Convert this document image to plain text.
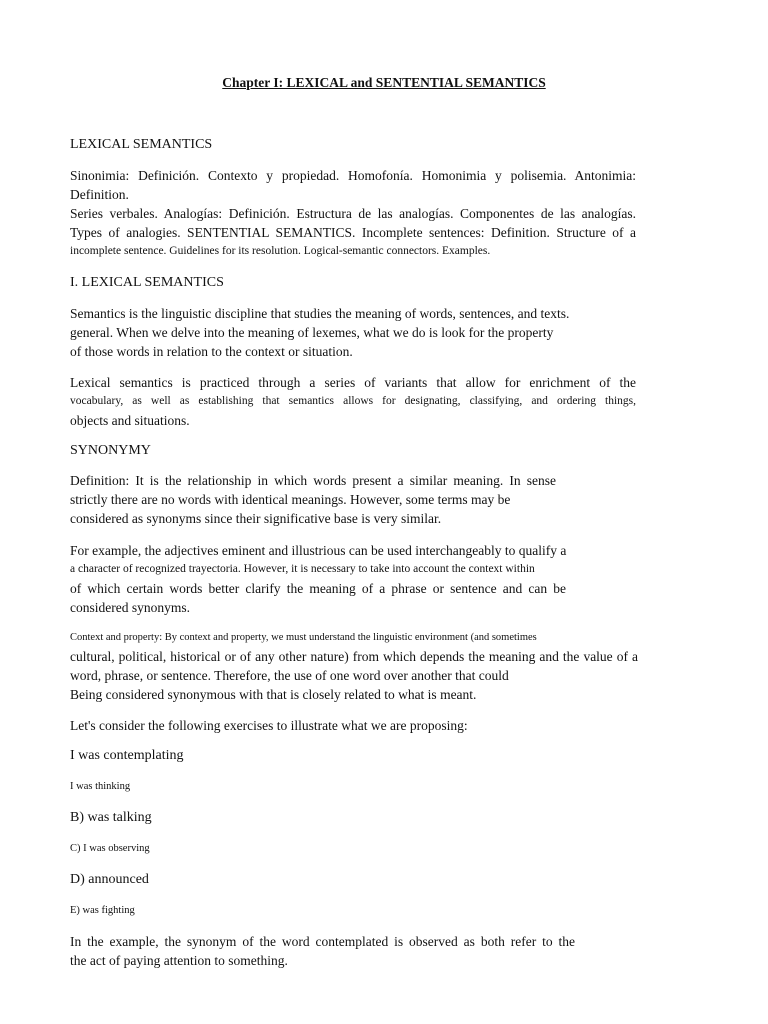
Chapter I: LEXICAL and SENTENTIAL SEMANTICS
LEXICAL SEMANTICS
Sinonimia: Definición. Contexto y propiedad. Homofonía. Homonimia y polisemia. Antonimia:
Definition.
Series verbales. Analogías: Definición. Estructura de las analogías. Componentes de las analogías.
Types of analogies. SENTENTIAL SEMANTICS. Incomplete sentences: Definition. Structure of a
incomplete sentence. Guidelines for its resolution. Logical-semantic connectors. Examples.
I. LEXICAL SEMANTICS
Semantics is the linguistic discipline that studies the meaning of words, sentences, and texts.
general. When we delve into the meaning of lexemes, what we do is look for the property
of those words in relation to the context or situation.
Lexical semantics is practiced through a series of variants that allow for enrichment of the
vocabulary, as well as establishing that semantics allows for designating, classifying, and ordering things,
objects and situations.
SYNONYMY
Definition: It is the relationship in which words present a similar meaning. In sense
strictly there are no words with identical meanings. However, some terms may be
considered as synonyms since their significative base is very similar.
For example, the adjectives eminent and illustrious can be used interchangeably to qualify a
a character of recognized trayectoria. However, it is necessary to take into account the context within
of which certain words better clarify the meaning of a phrase or sentence and can be
considered synonyms.
Context and property: By context and property, we must understand the linguistic environment (and sometimes
cultural, political, historical or of any other nature) from which depends the meaning and the value of a
word, phrase, or sentence. Therefore, the use of one word over another that could
Being considered synonymous with that is closely related to what is meant.
Let's consider the following exercises to illustrate what we are proposing:
I was contemplating
I was thinking
B) was talking
C) I was observing
D) announced
E) was fighting
In the example, the synonym of the word contemplated is observed as both refer to the
the act of paying attention to something.
